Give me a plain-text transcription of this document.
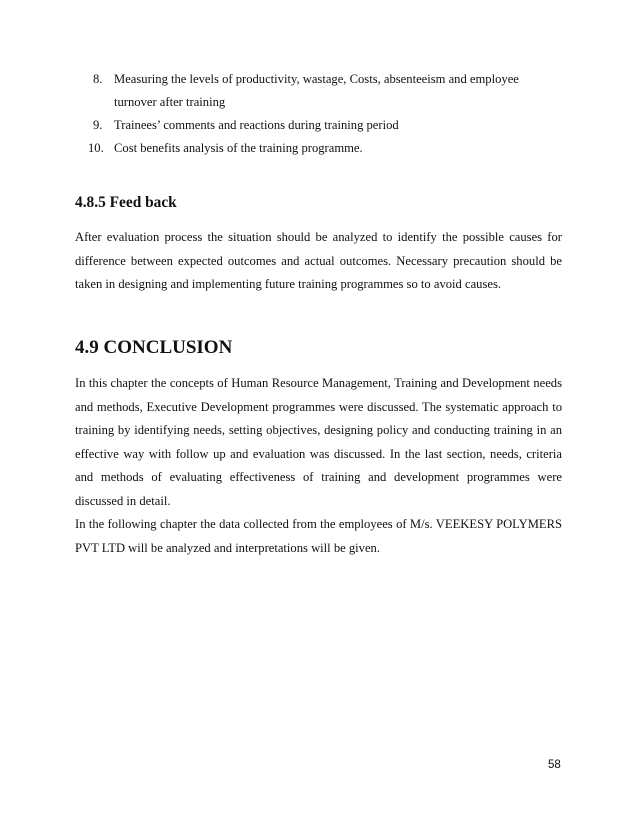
8. Measuring the levels of productivity, wastage, Costs, absenteeism and employee turnover after training
9. Trainees’ comments and reactions during training period
10. Cost benefits analysis of the training programme.
4.8.5 Feed back

After evaluation process the situation should be analyzed to identify the possible causes for difference between expected outcomes and actual outcomes. Necessary precaution should be taken in designing and implementing future training programmes so to avoid causes.

4.9 CONCLUSION

In this chapter the concepts of Human Resource Management, Training and Development needs and methods, Executive Development programmes were discussed. The systematic approach to training by identifying needs, setting objectives, designing policy and conducting training in an effective way with follow up and evaluation was discussed. In the last section, needs, criteria and methods of evaluating effectiveness of training and development programmes were discussed in detail.

In the following chapter the data collected from the employees of M/s. VEEKESY POLYMERS PVT LTD will be analyzed and interpretations will be given.

58
